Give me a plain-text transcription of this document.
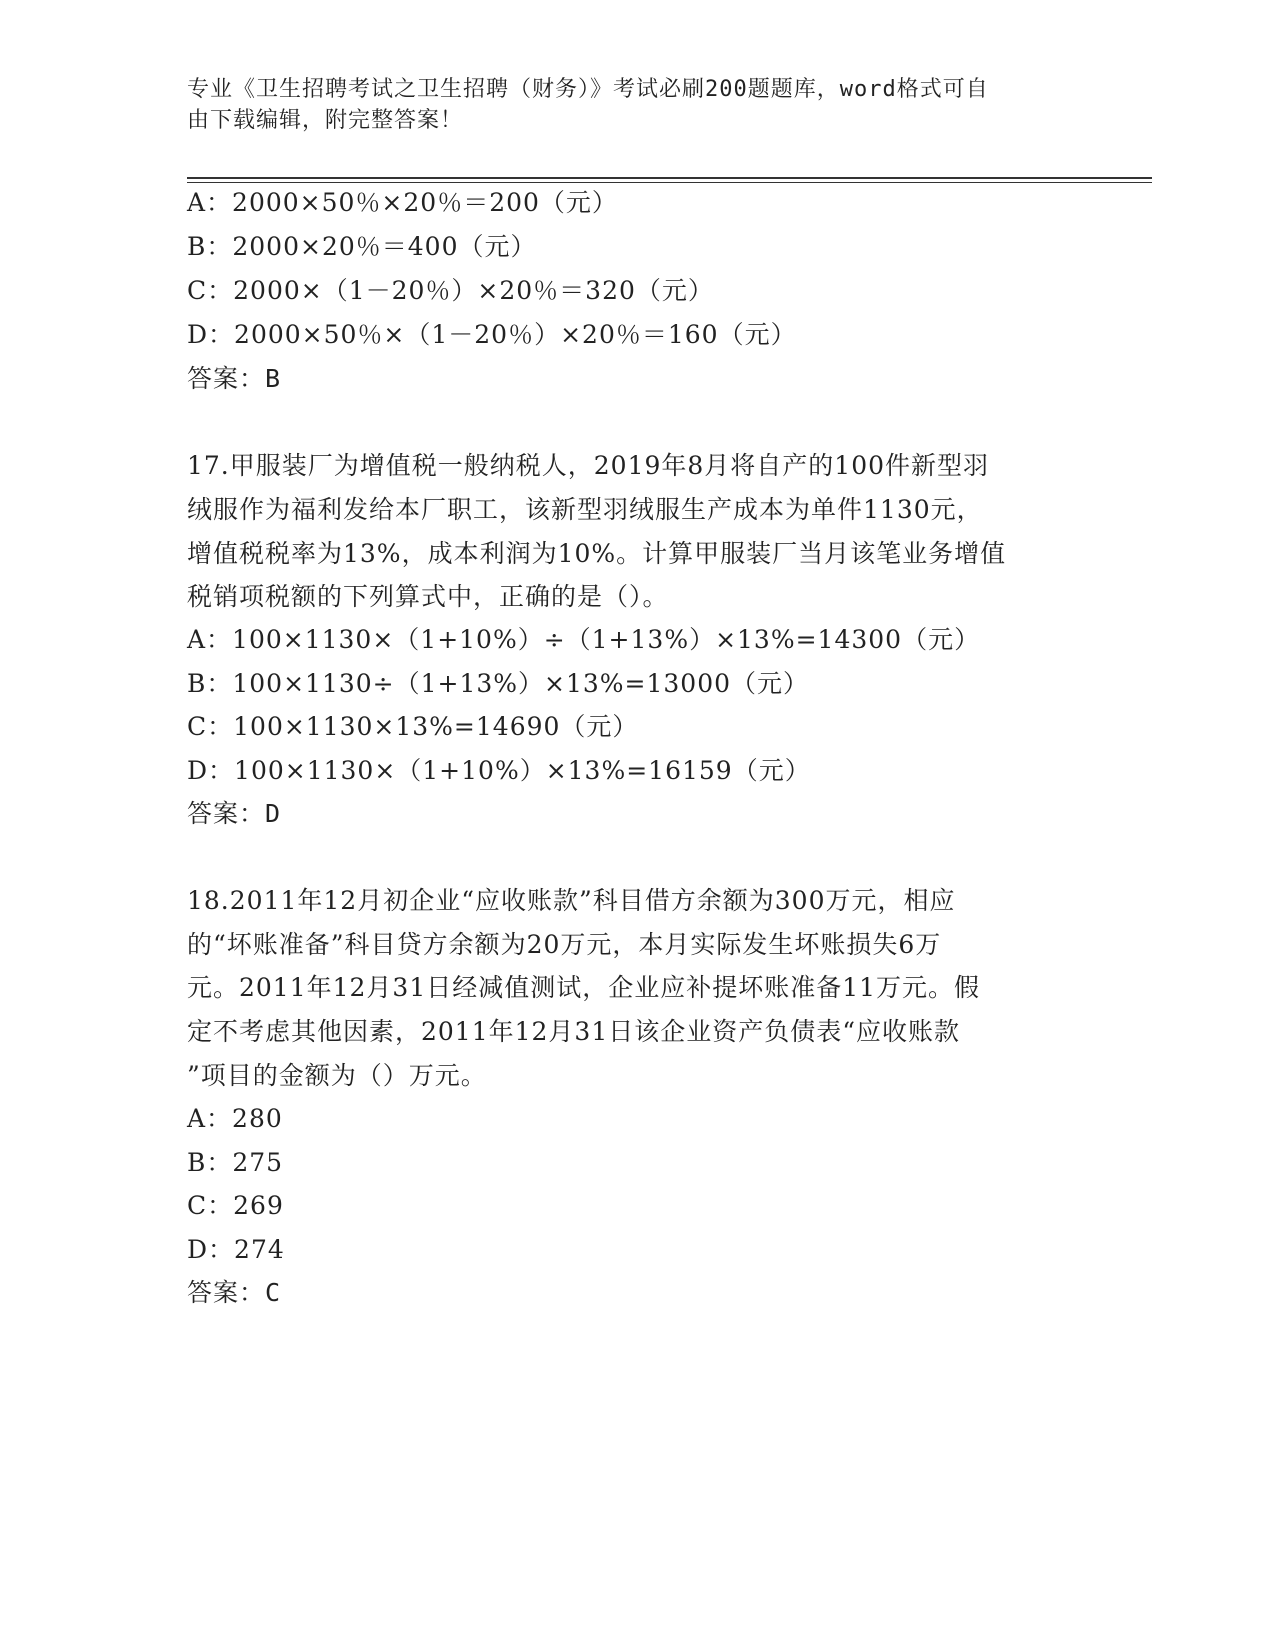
专业《卫生招聘考试之卫生招聘（财务）》考试必刷200题题库，word格式可自
由下载编辑，附完整答案！
A：2000×50％×20％＝200（元）
B：2000×20％＝400（元）
C：2000×（1－20％）×20％＝320（元）
D：2000×50％×（1－20％）×20％＝160（元）
答案：B
17.甲服装厂为增值税一般纳税人，2019年8月将自产的100件新型羽
绒服作为福利发给本厂职工，该新型羽绒服生产成本为单件1130元，
增值税税率为13%，成本利润为10%。计算甲服装厂当月该笔业务增值
税销项税额的下列算式中，正确的是（）。
A：100×1130×（1+10%）÷（1+13%）×13%=14300（元）
B：100×1130÷（1+13%）×13%=13000（元）
C：100×1130×13%=14690（元）
D：100×1130×（1+10%）×13%=16159（元）
答案：D
18.2011年12月初企业“应收账款”科目借方余额为300万元，相应
的“坏账准备”科目贷方余额为20万元，本月实际发生坏账损失6万
元。2011年12月31日经减值测试，企业应补提坏账准备11万元。假
定不考虑其他因素，2011年12月31日该企业资产负债表“应收账款
”项目的金额为（）万元。
A：280
B：275
C：269
D：274
答案：C
